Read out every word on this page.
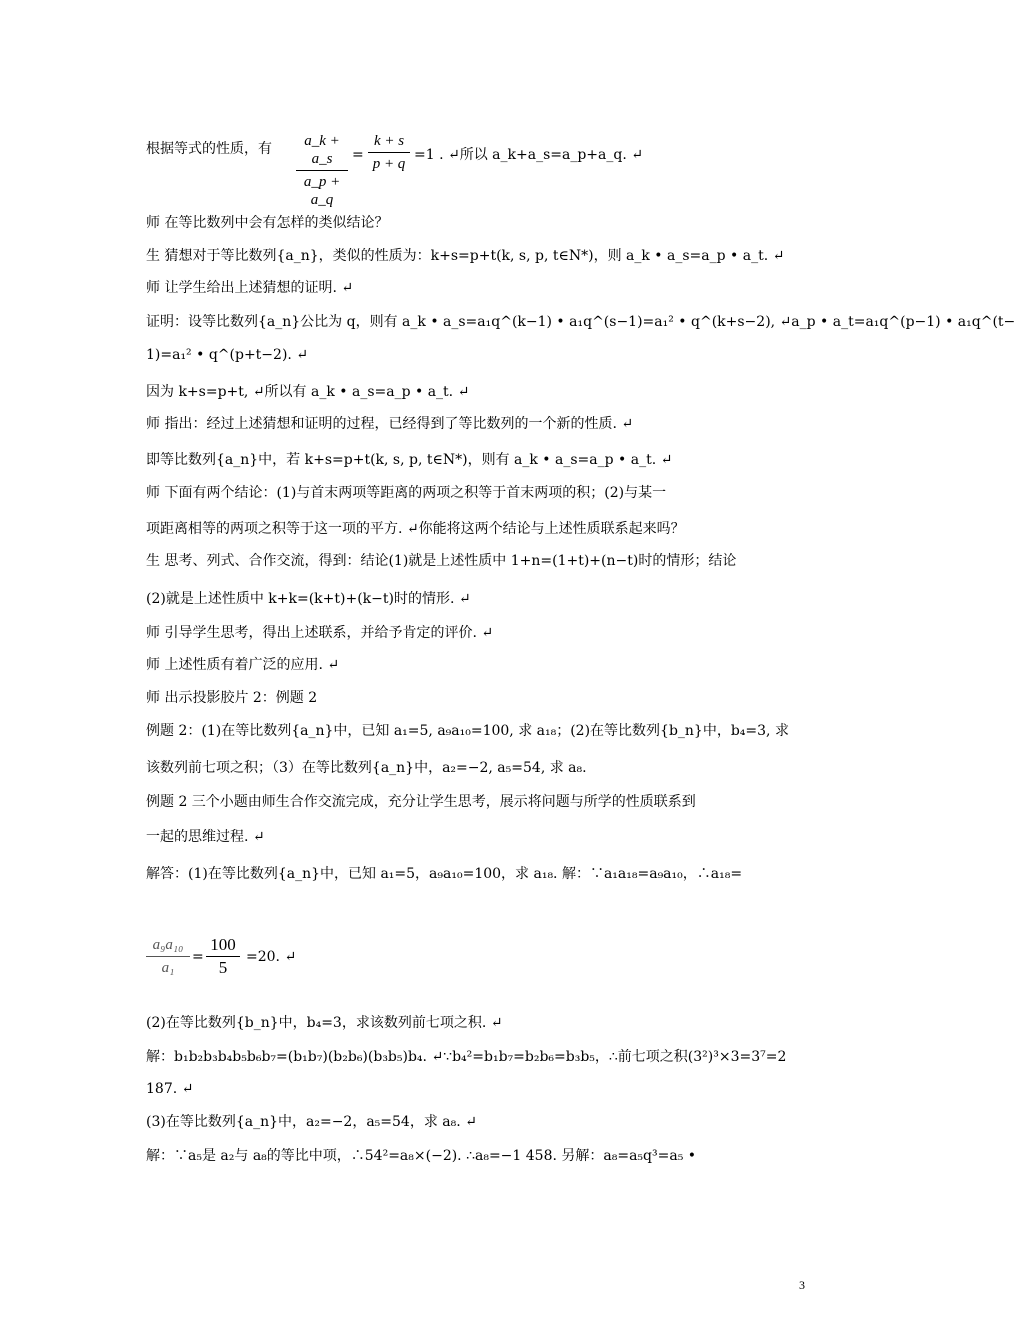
根据等式的性质，有	a_k + a_s
a_p + a_q
=
k + s
p + q
=1 . ↵所以 a_k+a_s=a_p+a_q. ↵
师 在等比数列中会有怎样的类似结论？
生 猜想对于等比数列{a_n}，类似的性质为：k+s=p+t(k, s, p, t∈N*)，则 a_k • a_s=a_p • a_t. ↵
师 让学生给出上述猜想的证明. ↵
证明：设等比数列{a_n}公比为 q，则有 a_k • a_s=a₁q^(k−1) • a₁q^(s−1)=a₁² • q^(k+s−2), ↵a_p • a_t=a₁q^(p−1) • a₁q^(t−
1)=a₁² • q^(p+t−2). ↵
因为 k+s=p+t, ↵所以有 a_k • a_s=a_p • a_t. ↵
师 指出：经过上述猜想和证明的过程，已经得到了等比数列的一个新的性质. ↵
即等比数列{a_n}中，若 k+s=p+t(k, s, p, t∈N*)，则有 a_k • a_s=a_p • a_t. ↵
师 下面有两个结论：(1)与首末两项等距离的两项之积等于首末两项的积；(2)与某一
项距离相等的两项之积等于这一项的平方. ↵你能将这两个结论与上述性质联系起来吗？
生 思考、列式、合作交流，得到：结论(1)就是上述性质中 1+n=(1+t)+(n−t)时的情形；结论
(2)就是上述性质中 k+k=(k+t)+(k−t)时的情形. ↵
师 引导学生思考，得出上述联系，并给予肯定的评价. ↵
师 上述性质有着广泛的应用. ↵
师 出示投影胶片 2：例题 2
例题 2：(1)在等比数列{a_n}中，已知 a₁=5, a₉a₁₀=100, 求 a₁₈；(2)在等比数列{b_n}中，b₄=3, 求
该数列前七项之积；（3）在等比数列{a_n}中，a₂=−2, a₅=54, 求 a₈.
例题 2 三个小题由师生合作交流完成，充分让学生思考，展示将问题与所学的性质联系到
一起的思维过程. ↵
解答：(1)在等比数列{a_n}中，已知 a₁=5，a₉a₁₀=100，求 a₁₈. 解：∵a₁a₁₈=a₉a₁₀，∴a₁₈=
a₉a₁₀
a₁
=
100
5
=20. ↵
(2)在等比数列{b_n}中，b₄=3，求该数列前七项之积. ↵
解：b₁b₂b₃b₄b₅b₆b₇=(b₁b₇)(b₂b₆)(b₃b₅)b₄. ↵∵b₄²=b₁b₇=b₂b₆=b₃b₅，∴前七项之积(3²)³×3=3⁷=2
187. ↵
(3)在等比数列{a_n}中，a₂=−2，a₅=54，求 a₈. ↵
解：∵a₅是 a₂与 a₈的等比中项，∴54²=a₈×(−2). ∴a₈=−1 458. 另解：a₈=a₅q³=a₅ •
3
